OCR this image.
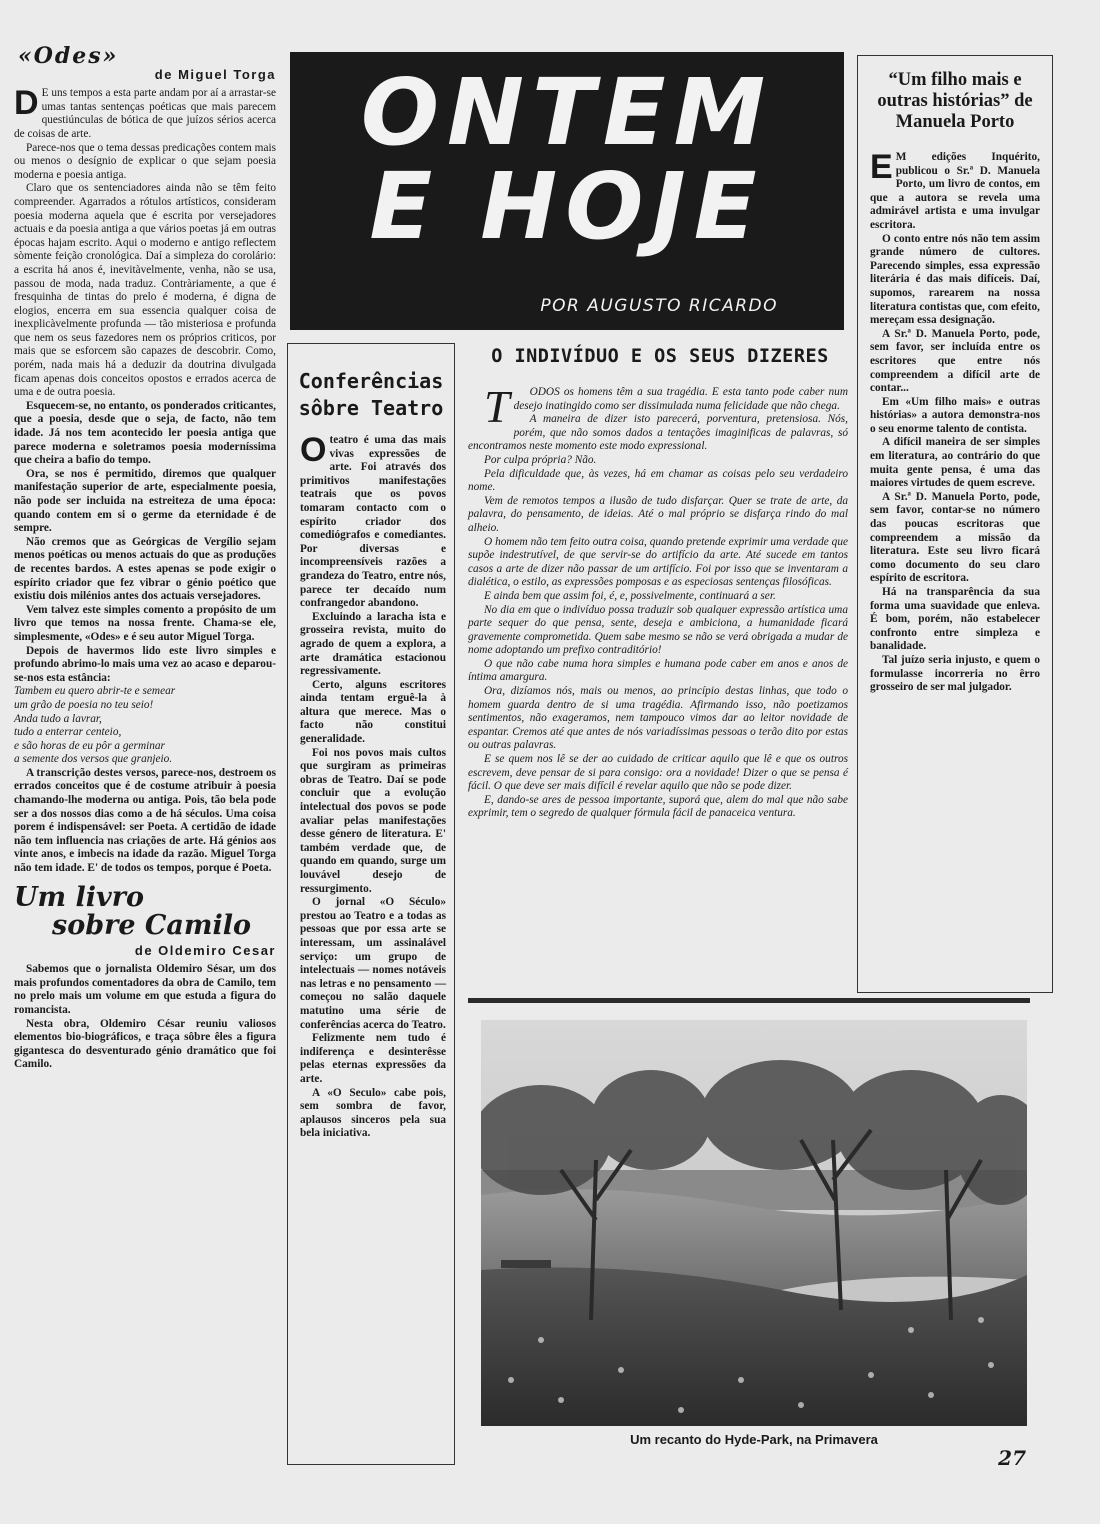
«Odes»
de Miguel Torga

D E uns tempos a esta parte andam por aí a arrastar-se umas tantas sentenças poéticas que mais parecem questiúnculas de bótica de que juízos sérios acerca de coisas de arte.

Parece-nos que o tema dessas predicações contem mais ou menos o desígnio de explicar o que sejam poesia moderna e poesia antiga.

Claro que os sentenciadores ainda não se têm feito compreender. Agarrados a rótulos artísticos, consideram poesia moderna aquela que é escrita por versejadores actuais e da poesia antiga a que vários poetas já em outras épocas hajam escrito. Aqui o moderno e antigo reflectem sòmente feição cronológica. Daí a simpleza do corolário: a escrita há anos é, inevitàvelmente, venha, não se usa, passou de moda, nada traduz. Contràriamente, a que é fresquinha de tintas do prelo é moderna, é digna de elogios, encerra em sua essencia qualquer coisa de inexplicàvelmente profunda — tão misteriosa e profunda que nem os seus fazedores nem os próprios criticos, por mais que se esforcem são capazes de descobrir. Como, porém, nada mais há a deduzir da doutrina divulgada ficam apenas dois conceitos opostos e errados acerca de uma e de outra poesia.

Esquecem-se, no entanto, os ponderados criticantes, que a poesia, desde que o seja, de facto, não tem idade. Já nos tem acontecido ler poesia antiga que parece moderna e soletramos poesia moderníssima que cheira a bafio do tempo.

Ora, se nos é permitido, diremos que qualquer manifestação superior de arte, especialmente poesia, não pode ser incluida na estreiteza de uma época: quando contem em si o germe da eternidade é de sempre.

Não cremos que as Geórgicas de Vergílio sejam menos poéticas ou menos actuais do que as produções de recentes bardos. A estes apenas se pode exigir o espírito criador que fez vibrar o génio poético que existiu dois milénios antes dos actuais versejadores.

Vem talvez este simples comento a propósito de um livro que temos na nossa frente. Chama-se ele, simplesmente, «Odes» e é seu autor Miguel Torga.

Depois de havermos lido este livro simples e profundo abrimo-lo mais uma vez ao acaso e deparou-se-nos esta estância:

Tambem eu quero abrir-te e semear

um grão de poesia no teu seio!

Anda tudo a lavrar,

tudo a enterrar centeio,

e são horas de eu pôr a germinar

a semente dos versos que granjeio.

A transcrição destes versos, parece-nos, destroem os errados conceitos que é de costume atribuir à poesia chamando-lhe moderna ou antiga. Pois, tão bela pode ser a dos nossos dias como a de há séculos. Uma coisa porem é indispensável: ser Poeta. A certidão de idade não tem influencia nas criações de arte. Há génios aos vinte anos, e imbecis na idade da razão. Miguel Torga não tem idade. E' de todos os tempos, porque é Poeta.

Um livro
sobre Camilo
de Oldemiro Cesar

Sabemos que o jornalista Oldemiro Sésar, um dos mais profundos comentadores da obra de Camilo, tem no prelo mais um volume em que estuda a figura do romancista.

Nesta obra, Oldemiro César reuniu valiosos elementos bio-biográficos, e traça sôbre êles a figura gigantesca do desventurado génio dramático que foi Camilo.

ONTEM
E HOJE
POR AUGUSTO RICARDO
Conferências sôbre Teatro

Oteatro é uma das mais vivas expressões de arte. Foi através dos primitivos manifestações teatrais que os povos tomaram contacto com o espírito criador dos comediógrafos e comediantes. Por diversas e incompreensíveis razões a grandeza do Teatro, entre nós, parece ter decaído num confrangedor abandono.

Excluindo a laracha ista e grosseira revista, muito do agrado de quem a explora, a arte dramática estacionou regressivamente.

Certo, alguns escritores ainda tentam erguê-la à altura que merece. Mas o facto não constitui generalidade.

Foi nos povos mais cultos que surgiram as primeiras obras de Teatro. Daí se pode concluir que a evolução intelectual dos povos se pode avaliar pelas manifestações desse género de literatura. E' também verdade que, de quando em quando, surge um louvável desejo de ressurgimento.

O jornal «O Século» prestou ao Teatro e a todas as pessoas que por essa arte se interessam, um assinalável serviço: um grupo de intelectuais — nomes notáveis nas letras e no pensamento — começou no salão daquele matutino uma série de conferências acerca do Teatro.

Felizmente nem tudo é indiferença e desinterêsse pelas eternas expressões da arte.

A «O Seculo» cabe pois, sem sombra de favor, aplausos sinceros pela sua bela iniciativa.

O INDIVÍDUO E OS SEUS DIZERES

T ODOS os homens têm a sua tragédia. E esta tanto pode caber num desejo inatingido como ser dissimulada numa felicidade que não chega.

A maneira de dizer isto parecerá, porventura, pretensiosa. Nós, porém, que não somos dados a tentações imaginificas de palavras, só encontramos neste momento este modo expressional.

Por culpa própria? Não.

Pela dificuldade que, às vezes, há em chamar as coisas pelo seu verdadeiro nome.

Vem de remotos tempos a ilusão de tudo disfarçar. Quer se trate de arte, da palavra, do pensamento, de ideias. Até o mal próprio se disfarça rindo do mal alheio.

O homem não tem feito outra coisa, quando pretende exprimir uma verdade que supõe indestrutível, de que servir-se do artifício da arte. Até sucede em tantos casos a arte de dizer não passar de um artifício. Foi por isso que se inventaram a dialética, o estilo, as expressões pomposas e as especiosas sentenças filosóficas.

E ainda bem que assim foi, é, e, possivelmente, continuará a ser.

No dia em que o indivíduo possa traduzir sob qualquer expressão artística uma parte sequer do que pensa, sente, deseja e ambiciona, a humanidade ficará gravemente comprometida. Quem sabe mesmo se não se verá obrigada a mudar de nome adoptando um prefixo contraditório!

O que não cabe numa hora simples e humana pode caber em anos e anos de íntima amargura.

Ora, dizíamos nós, mais ou menos, ao princípio destas linhas, que todo o homem guarda dentro de si uma tragédia. Afirmando isso, não poetizamos sentimentos, não exageramos, nem tampouco vimos dar ao leitor novidade de espantar. Cremos até que antes de nós variadíssimas pessoas o terão dito por estas ou outras palavras.

E se quem nos lê se der ao cuidado de criticar aquilo que lê e que os outros escrevem, deve pensar de si para consigo: ora a novidade! Dizer o que se pensa é fácil. O que deve ser mais difícil é revelar aquilo que não se pode dizer.

E, dando-se ares de pessoa importante, suporá que, alem do mal que não sabe exprimir, tem o segredo de qualquer fórmula fácil de panaceica ventura.

“Um filho mais e outras histórias” de Manuela Porto

E M edições Inquérito, publicou o Sr.ª D. Manuela Porto, um livro de contos, em que a autora se revela uma admirável artista e uma invulgar escritora.

O conto entre nós não tem assim grande número de cultores. Parecendo simples, essa expressão literária é das mais difíceis. Daí, supomos, rarearem na nossa literatura contistas que, com efeito, mereçam essa designação.

A Sr.ª D. Manuela Porto, pode, sem favor, ser incluída entre os escritores que entre nós compreendem a difícil arte de contar...

Em «Um filho mais» e outras histórias» a autora demonstra-nos o seu enorme talento de contista.

A difícil maneira de ser simples em literatura, ao contrário do que muita gente pensa, é uma das maiores virtudes de quem escreve.

A Sr.ª D. Manuela Porto, pode, sem favor, contar-se no número das poucas escritoras que compreendem a missão da literatura. Este seu livro ficará como documento do seu claro espírito de escritora.

Há na transparência da sua forma uma suavidade que enleva. É bom, porém, não estabelecer confronto entre simpleza e banalidade.

Tal juízo seria injusto, e quem o formulasse incorreria no êrro grosseiro de ser mal julgador.

Um recanto do Hyde-Park, na Primavera
27
